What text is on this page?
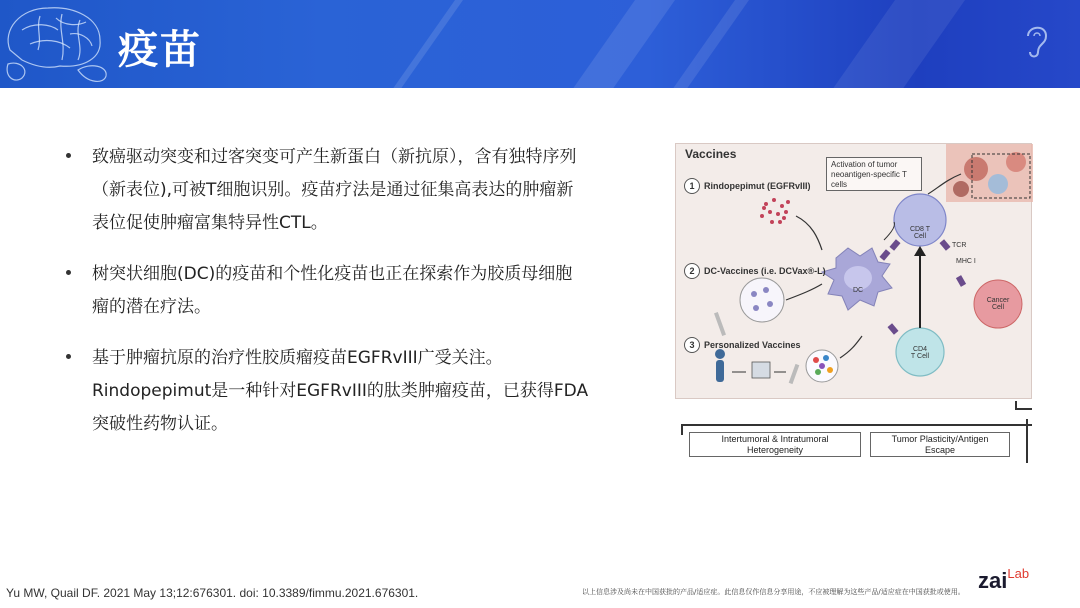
疫苗
致癌驱动突变和过客突变可产生新蛋白（新抗原），含有独特序列
（新表位),可被T细胞识别。疫苗疗法是通过征集高表达的肿瘤新
表位促使肿瘤富集特异性CTL。
树突状细胞(DC)的疫苗和个性化疫苗也正在探索作为胶质母细胞
瘤的潜在疗法。
基于肿瘤抗原的治疗性胶质瘤疫苗EGFRvIII广受关注。
Rindopepimut是一种针对EGFRvIII的肽类肿瘤疫苗，已获得FDA
突破性药物认证。
Vaccines
Activation of tumor neoantigen-specific T cells
1 Rindopepimut (EGFRvIII)
2 DC-Vaccines (i.e. DCVax®-L)
3 Personalized Vaccines
DC
CD8 T
Cell
CD4
T Cell
Cancer
Cell
TCR
MHC I
Intertumoral & Intratumoral
Heterogeneity
Tumor Plasticity/Antigen
Escape
Yu MW, Quail DF. 2021 May 13;12:676301. doi: 10.3389/fimmu.2021.676301.	以上信息涉及尚未在中国获批的产品/适应症。此信息仅作信息分享用途，不应被理解为这些产品/适应症在中国获批或使用。 zai$^{Lab}$
